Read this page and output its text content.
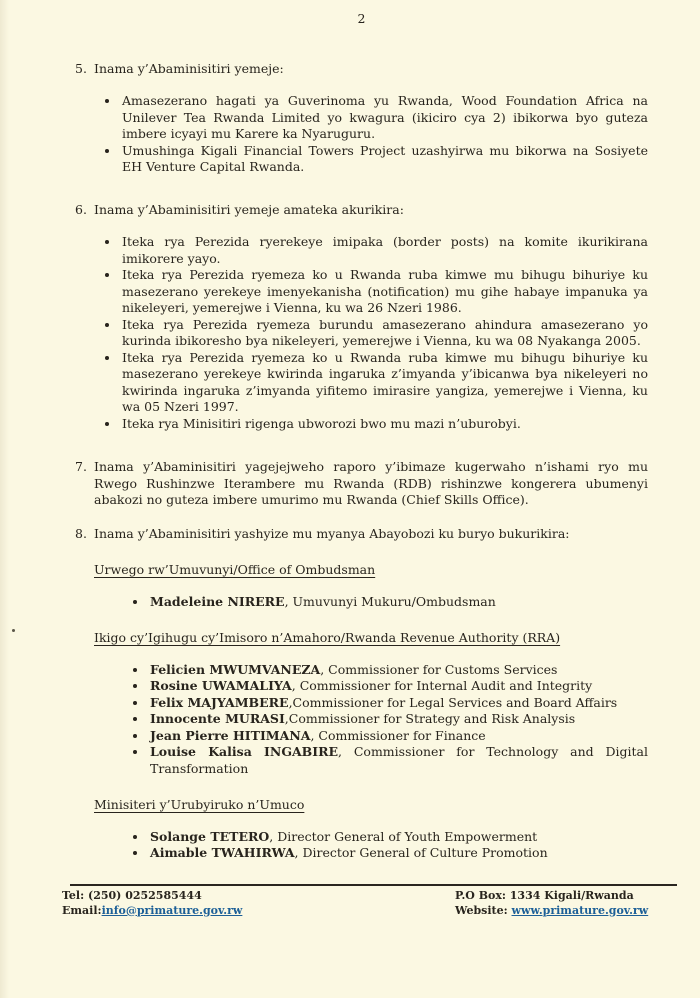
2
5. Inama y’Abaminisitiri yemeje:

• Amasezerano hagati ya Guverinoma yu Rwanda, Wood Foundation Africa na Unilever Tea Rwanda Limited yo kwagura (ikiciro cya 2) ibikorwa byo guteza imbere icyayi mu Karere ka Nyaruguru.
• Umushinga Kigali Financial Towers Project uzashyirwa mu bikorwa na Sosiyete EH Venture Capital Rwanda.
6. Inama y’Abaminisitiri yemeje amateka akurikira:

• Iteka rya Perezida ryerekeye imipaka (border posts) na komite ikurikirana imikorere yayo.
• Iteka rya Perezida ryemeza ko u Rwanda ruba kimwe mu bihugu bihuriye ku masezerano yerekeye imenyekanisha (notification) mu gihe habaye impanuka ya nikeleyeri, yemerejwe i Vienna, ku wa 26 Nzeri 1986.
• Iteka rya Perezida ryemeza burundu amasezerano ahindura amasezerano yo kurinda ibikoresho bya nikeleyeri, yemerejwe i Vienna, ku wa 08 Nyakanga 2005.
• Iteka rya Perezida ryemeza ko u Rwanda ruba kimwe mu bihugu bihuriye ku masezerano yerekeye kwirinda ingaruka z’imyanda y’ibicanwa bya nikeleyeri no kwirinda ingaruka z’imyanda yifitemo imirasire yangiza, yemerejwe i Vienna, ku wa 05 Nzeri 1997.
• Iteka rya Minisitiri rigenga ubworozi bwo mu mazi n’uburobyi.
7. Inama y’Abaminisitiri yagejejweho raporo y’ibimaze kugerwaho n’ishami ryo mu Rwego Rushinzwe Iterambere mu Rwanda (RDB) rishinzwe kongerera ubumenyi abakozi no guteza imbere umurimo mu Rwanda (Chief Skills Office).

8. Inama y’Abaminisitiri yashyize mu myanya Abayobozi ku buryo bukurikira:

Urwego rw’Umuvunyi/Office of Ombudsman
• Madeleine NIRERE, Umuvunyi Mukuru/Ombudsman
Ikigo cy’Igihugu cy’Imisoro n’Amahoro/Rwanda Revenue Authority (RRA)
• Felicien MWUMVANEZA, Commissioner for Customs Services
• Rosine UWAMALIYA, Commissioner for Internal Audit and Integrity
• Felix MAJYAMBERE,Commissioner for Legal Services and Board Affairs
• Innocente MURASI,Commissioner for Strategy and Risk Analysis
• Jean Pierre HITIMANA, Commissioner for Finance
• Louise Kalisa INGABIRE, Commissioner for Technology and Digital Transformation
Minisiteri y’Urubyiruko n’Umuco
• Solange TETERO, Director General of Youth Empowerment
• Aimable TWAHIRWA, Director General of Culture Promotion
Tel: (250) 0252585444
Email:info@primature.gov.rw
P.O Box: 1334 Kigali/Rwanda
Website: www.primature.gov.rw
